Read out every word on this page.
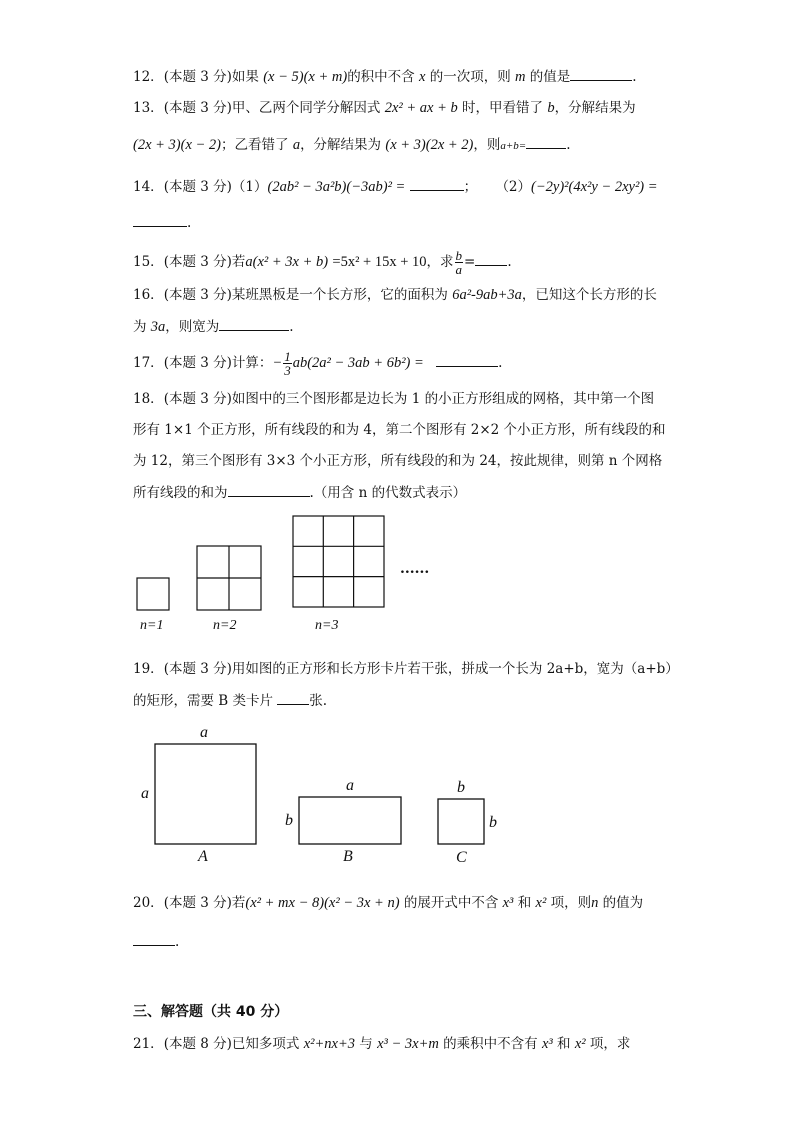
12．(本题 3 分)如果 (x − 5)(x + m)的积中不含 x 的一次项，则 m 的值是	.
13．(本题 3 分)甲、乙两个同学分解因式 2x² + ax + b 时，甲看错了 b，分解结果为
(2x + 3)(x − 2)；乙看错了 a，分解结果为 (x + 3)(2x + 2)，则a+b=	.
14．(本题 3 分)（1）(2ab² − 3a²b)(−3ab)² =	； （2）(−2y)²(4x²y − 2xy²) =
.
15．(本题 3 分)若a(x² + 3x + b) =5x² + 15x + 10，求 $\frac{b}{a}$ = .
16．(本题 3 分)某班黑板是一个长方形，它的面积为 6a²-9ab+3a，已知这个长方形的长
为 3a，则宽为	.
17．(本题 3 分)计算：− $\frac{1}{3} ab(2a^2 - 3ab + 6b^2)$ =	.
18．(本题 3 分)如图中的三个图形都是边长为 1 的小正方形组成的网格，其中第一个图
形有 1×1 个正方形，所有线段的和为 4，第二个图形有 2×2 个小正方形，所有线段的和
为 12，第三个图形有 3×3 个小正方形，所有线段的和为 24，按此规律，则第 n 个网格
所有线段的和为	.（用含 n 的代数式表示）
n=1	n=2	n=3
......
19．(本题 3 分)用如图的正方形和长方形卡片若干张，拼成一个长为 2a+b，宽为（a+b）
的矩形，需要 B 类卡片 张.
a
a
A
a
b
B
b
b
C
20．(本题 3 分)若(x² + mx − 8)(x² − 3x + n) 的展开式中不含 x³ 和 x² 项，则n 的值为
.
三、解答题（共 40 分）
21．(本题 8 分)已知多项式 x²+nx+3 与 x³ − 3x+m 的乘积中不含有 x³ 和 x² 项，求
